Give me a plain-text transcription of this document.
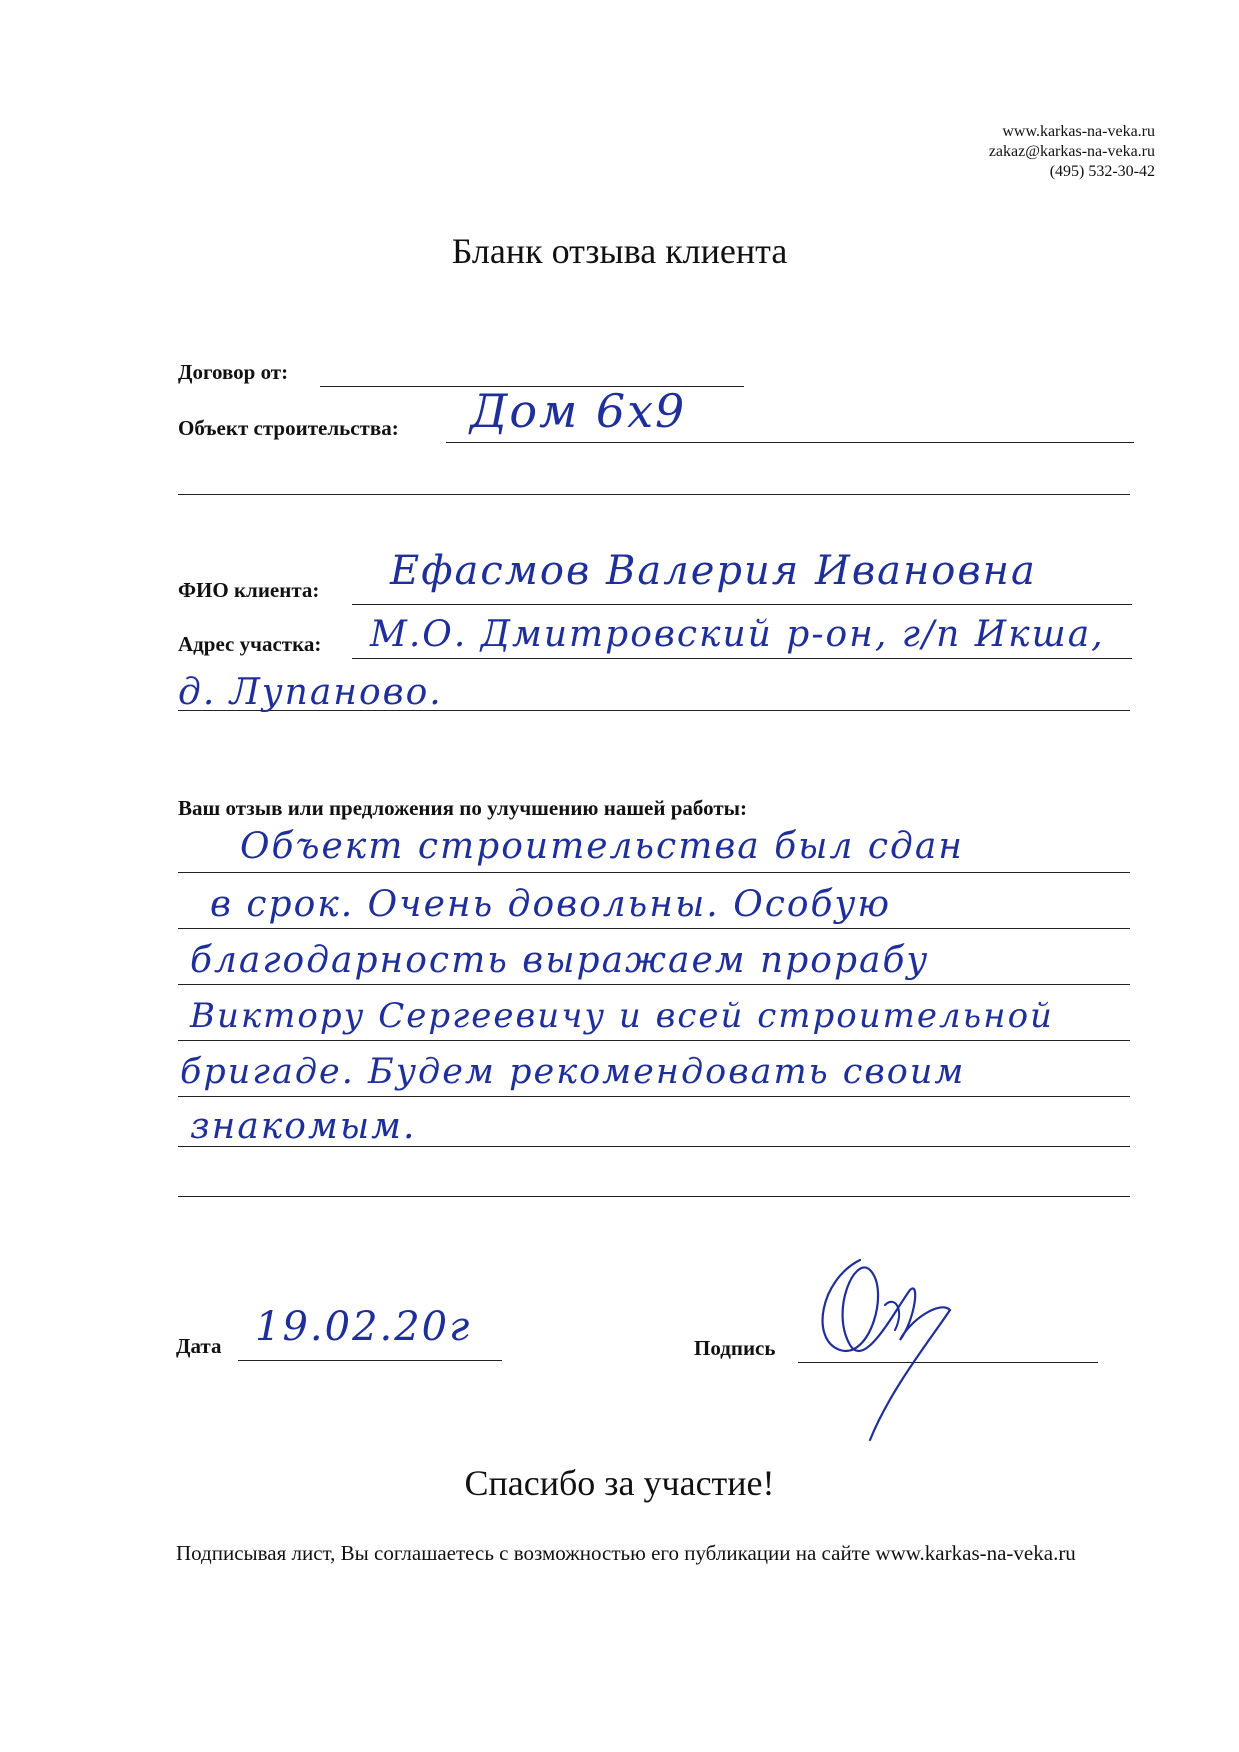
www.karkas-na-veka.ru
zakaz@karkas-na-veka.ru
(495) 532-30-42
Бланк отзыва клиента
Договор от:
Объект строительства: Дом 6х9
ФИО клиента: Ефасмов Валерия Ивановна
Адрес участка: М.О. Дмитровский р-он, г/п Икша,
д. Лупаново.
Ваш отзыв или предложения по улучшению нашей работы:
Объект строительства был сдан
в срок. Очень довольны. Особую
благодарность выражаем прорабу
Виктору Сергеевичу и всей строительной
бригаде. Будем рекомендовать своим
знакомым.
Дата 19.02.20г	Подпись
Спасибо за участие!
Подписывая лист, Вы соглашаетесь с возможностью его публикации на сайте www.karkas-na-veka.ru
